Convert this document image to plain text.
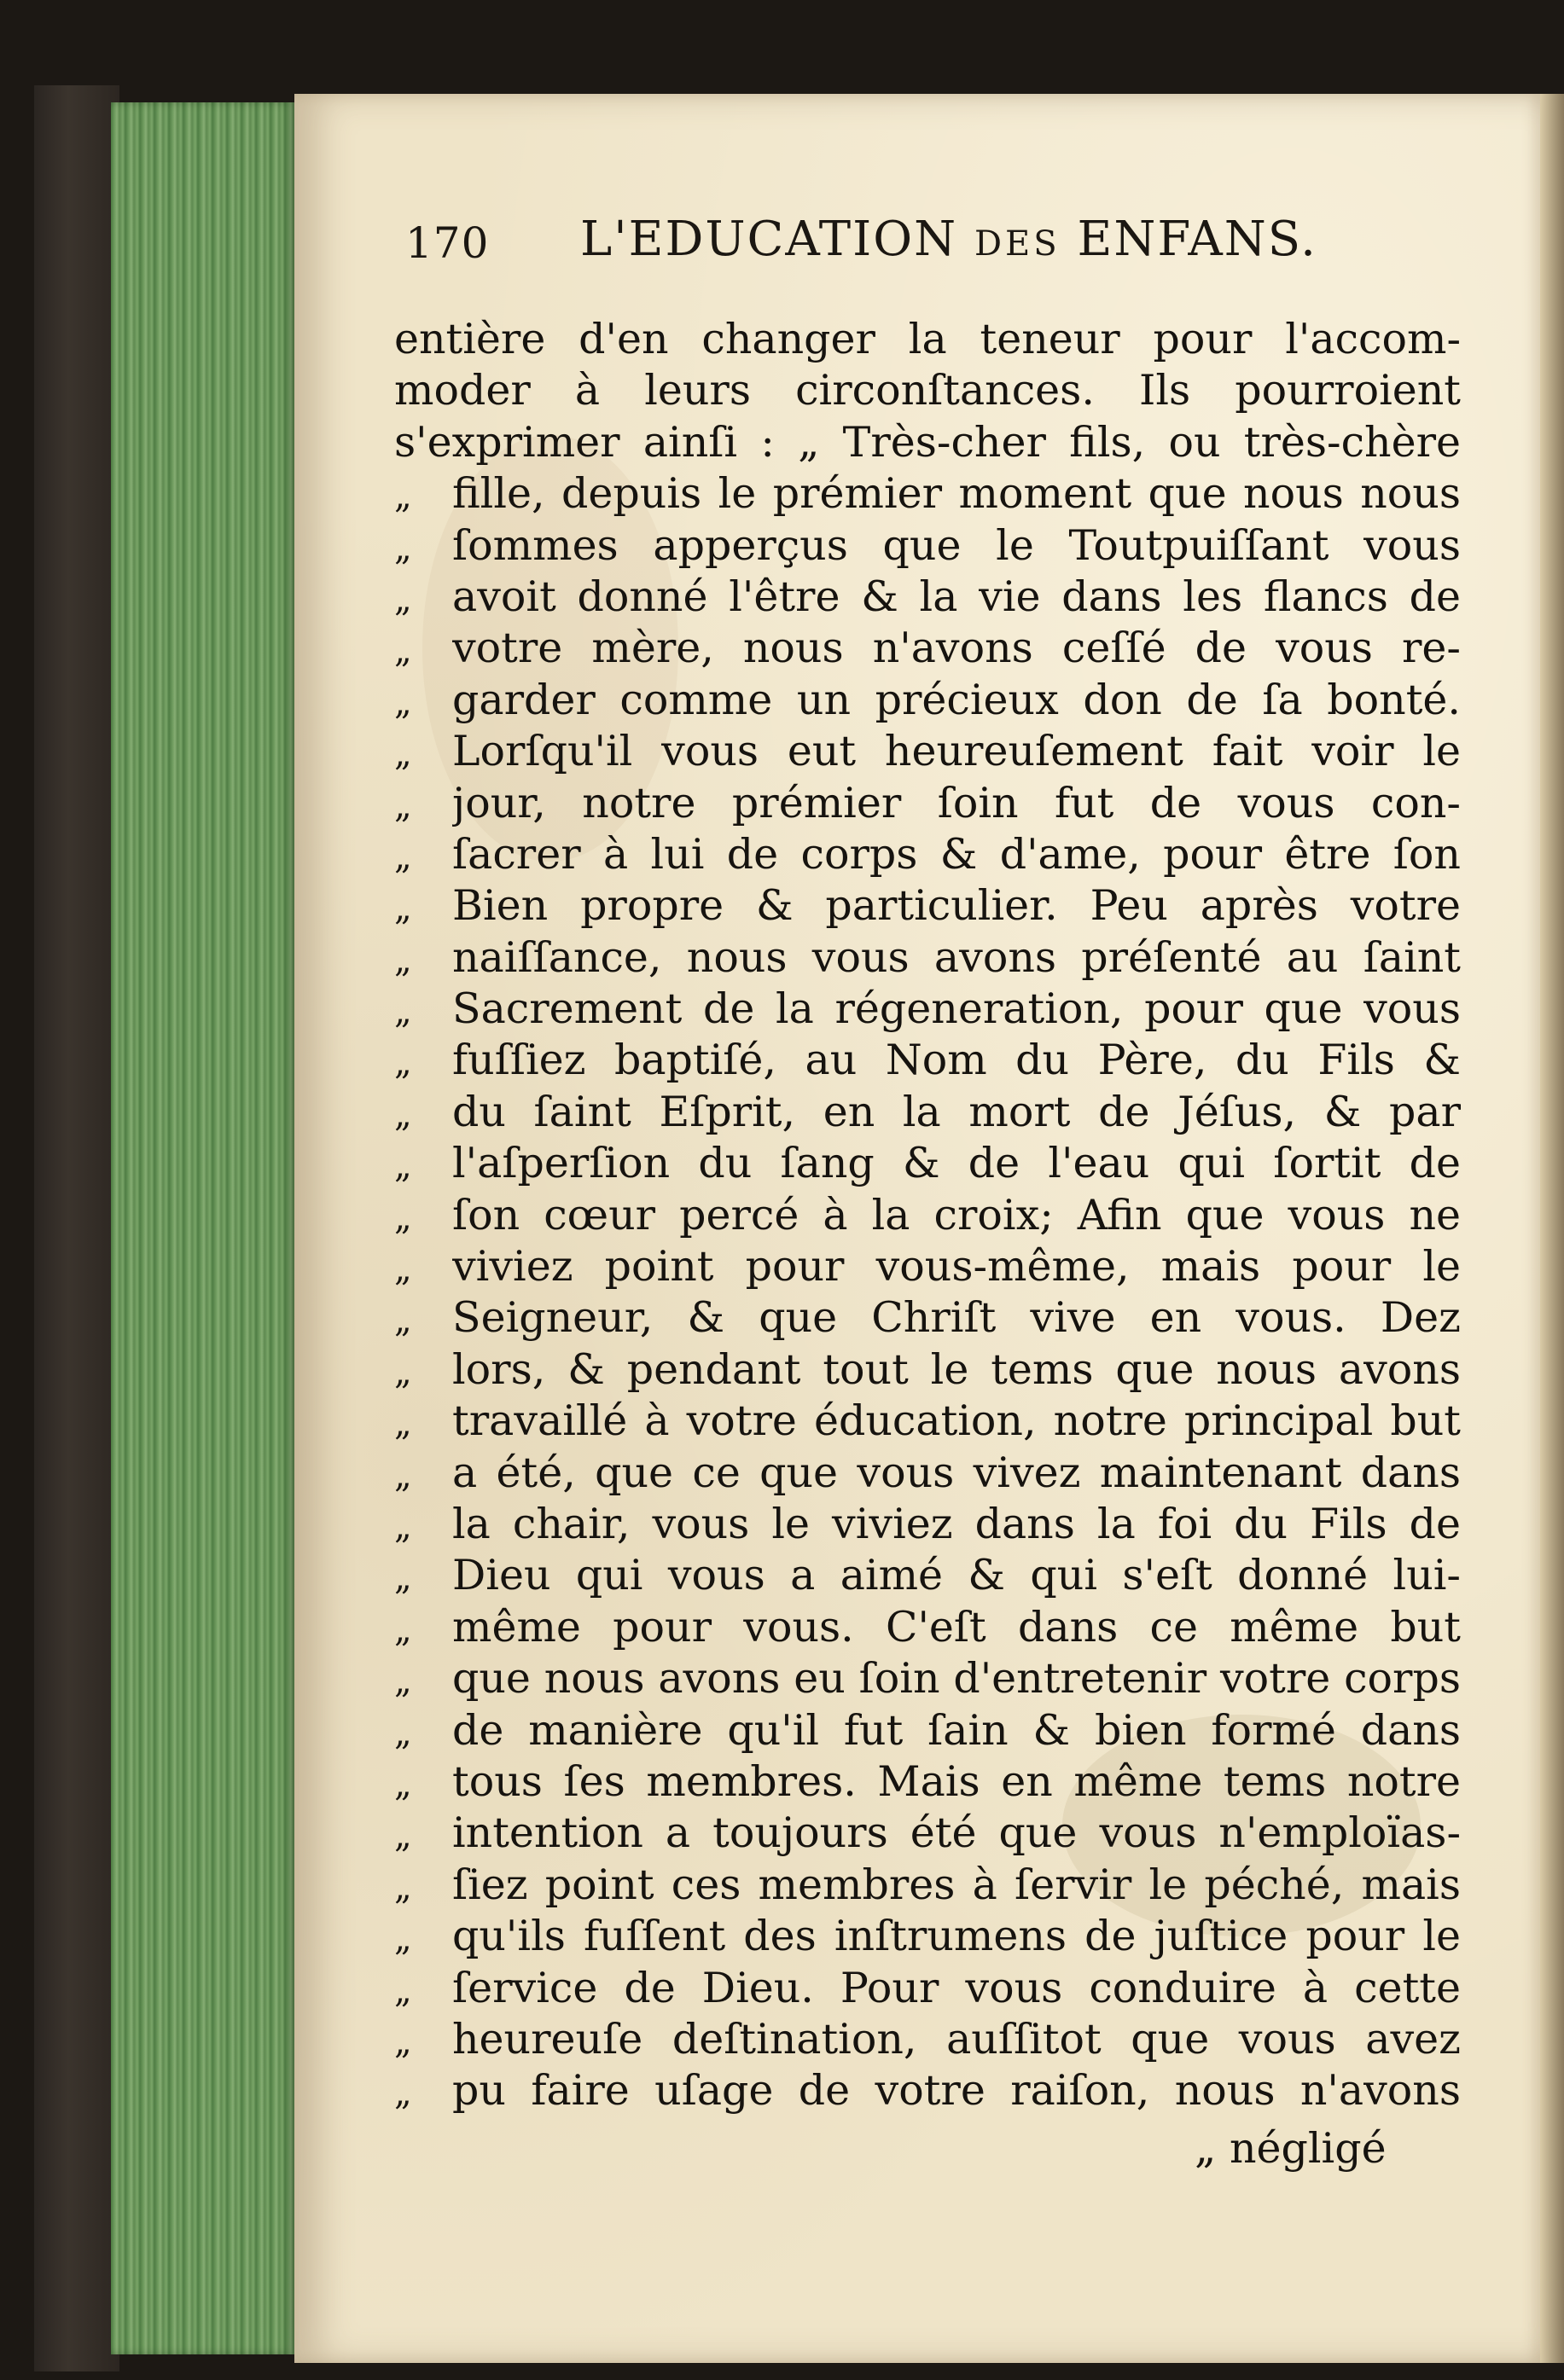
170 L'EDUCATION DES ENFANS.
entière d'en changer la teneur pour l'accom-
moder à leurs circonſtances. Ils pourroient
s'exprimer ainſi : „ Très-cher fils, ou très-chère
„ fille, depuis le prémier moment que nous nous
„ ſommes apperçus que le Toutpuiſſant vous
„ avoit donné l'être & la vie dans les flancs de
„ votre mère, nous n'avons ceſſé de vous re-
„ garder comme un précieux don de ſa bonté.
„ Lorſqu'il vous eut heureuſement fait voir le
„ jour, notre prémier ſoin fut de vous con-
„ ſacrer à lui de corps & d'ame, pour être ſon
„ Bien propre & particulier. Peu après votre
„ naiſſance, nous vous avons préſenté au ſaint
„ Sacrement de la régeneration, pour que vous
„ fuſſiez baptiſé, au Nom du Père, du Fils &
„ du ſaint Eſprit, en la mort de Jéſus, & par
„ l'aſperſion du ſang & de l'eau qui ſortit de
„ ſon cœur percé à la croix; Afin que vous ne
„ viviez point pour vous-même, mais pour le
„ Seigneur, & que Chriſt vive en vous. Dez
„ lors, & pendant tout le tems que nous avons
„ travaillé à votre éducation, notre principal but
„ a été, que ce que vous vivez maintenant dans
„ la chair, vous le viviez dans la foi du Fils de
„ Dieu qui vous a aimé & qui s'eſt donné lui-
„ même pour vous. C'eſt dans ce même but
„ que nous avons eu ſoin d'entretenir votre corps
„ de manière qu'il fut ſain & bien formé dans
„ tous ſes membres. Mais en même tems notre
„ intention a toujours été que vous n'emploïas-
„ ſiez point ces membres à ſervir le péché, mais
„ qu'ils fuſſent des inſtrumens de juſtice pour le
„ ſervice de Dieu. Pour vous conduire à cette
„ heureuſe deſtination, auſſitot que vous avez
„ pu faire uſage de votre raiſon, nous n'avons
„ négligé
